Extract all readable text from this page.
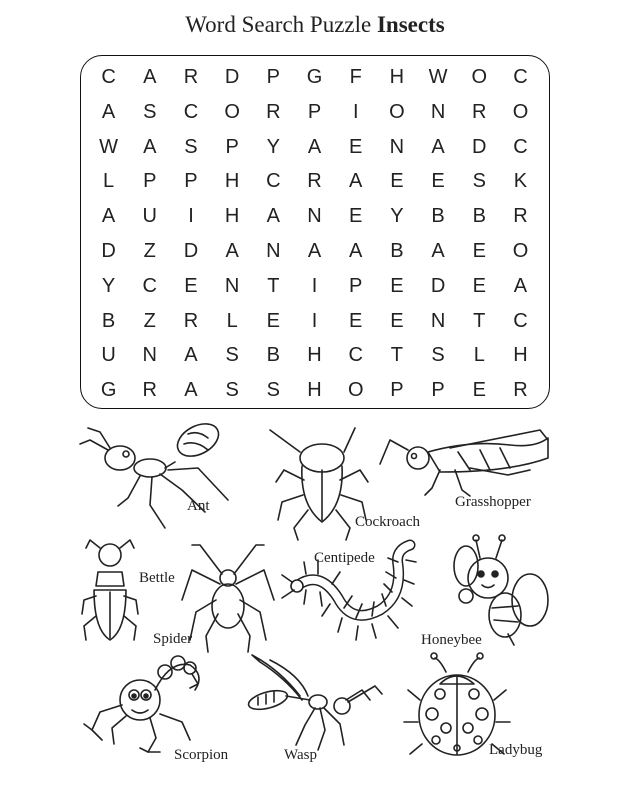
Word Search Puzzle Insects
C	A	R	D	P	G	F	H	W	O	C
A	S	C	O	R	P	I	O	N	R	O
W	A	S	P	Y	A	E	N	A	D	C
L	P	P	H	C	R	A	E	E	S	K
A	U	I	H	A	N	E	Y	B	B	R
D	Z	D	A	N	A	A	B	A	E	O
Y	C	E	N	T	I	P	E	D	E	A
B	Z	R	L	E	I	E	E	N	T	C
U	N	A	S	B	H	C	T	S	L	H
G	R	A	S	S	H	O	P	P	E	R
Ant
Cockroach
Grasshopper
Bettle
Centipede
Spider	Honeybee
Scorpion	Wasp	Ladybug
